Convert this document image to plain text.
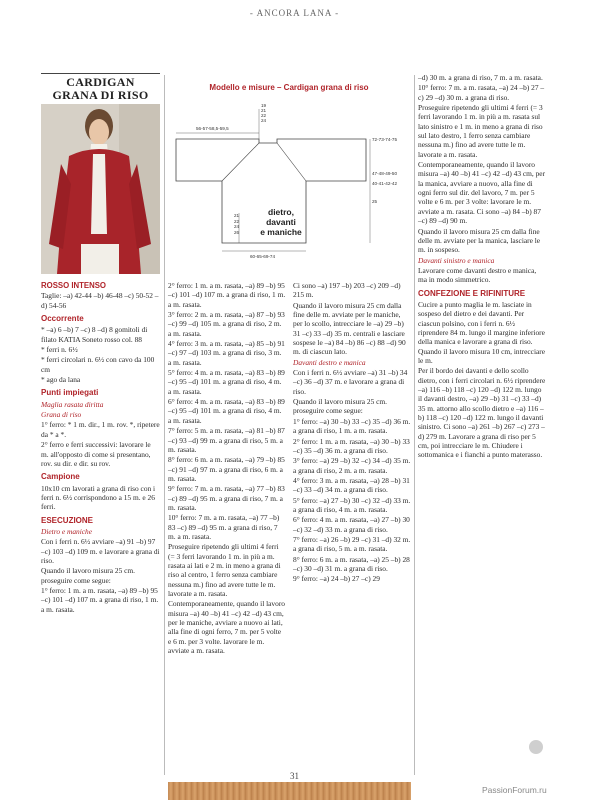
- ANCORA LANA -
CARDIGAN
GRANA DI RISO
Modello e misure – Cardigan grana di riso
19
21
22
24
56-57-58,5-59,5
72-73-74-75
47-48-49-50
40-41-42-42
25
21
22
24
26
60-65-69-74
dietro,
davanti
e maniche

ROSSO INTENSO

Taglie: –a) 42-44 –b) 46-48 –c) 50-52 –d) 54-56

Occorrente

* –a) 6 –b) 7 –c) 8 –d) 8 gomitoli di filato KATIA Soneto rosso col. 88

* ferri n. 6½

* ferri circolari n. 6½ con cavo da 100 cm

* ago da lana

Punti impiegati

Maglia rasata diritta

Grana di riso

1° ferro: * 1 m. dir., 1 m. rov. *, ripetere da * a *.

2° ferro e ferri successivi: lavorare le m. all'opposto di come si presentano, rov. su dir. e dir. su rov.

Campione

10x10 cm lavorati a grana di riso con i ferri n. 6½ corrispondono a 15 m. e 26 ferri.

ESECUZIONE

Dietro e maniche

Con i ferri n. 6½ avviare –a) 91 –b) 97 –c) 103 –d) 109 m. e lavorare a grana di riso.

Quando il lavoro misura 25 cm. proseguire come segue:

1° ferro: 1 m. a m. rasata, –a) 89 –b) 95 –c) 101 –d) 107 m. a grana di riso, 1 m. a m. rasata.

2° ferro: 1 m. a m. rasata, –a) 89 –b) 95 –c) 101 –d) 107 m. a grana di riso, 1 m. a m. rasata.

3° ferro: 2 m. a m. rasata, –a) 87 –b) 93 –c) 99 –d) 105 m. a grana di riso, 2 m. a m. rasata.

4° ferro: 3 m. a m. rasata, –a) 85 –b) 91 –c) 97 –d) 103 m. a grana di riso, 3 m. a m. rasata.

5° ferro: 4 m. a m. rasata, –a) 83 –b) 89 –c) 95 –d) 101 m. a grana di riso, 4 m. a m. rasata.

6° ferro: 4 m. a m. rasata, –a) 83 –b) 89 –c) 95 –d) 101 m. a grana di riso, 4 m. a m. rasata.

7° ferro: 5 m. a m. rasata, –a) 81 –b) 87 –c) 93 –d) 99 m. a grana di riso, 5 m. a m. rasata.

8° ferro: 6 m. a m. rasata, –a) 79 –b) 85 –c) 91 –d) 97 m. a grana di riso, 6 m. a m. rasata.

9° ferro: 7 m. a m. rasata, –a) 77 –b) 83 –c) 89 –d) 95 m. a grana di riso, 7 m. a m. rasata.

10° ferro: 7 m. a m. rasata, –a) 77 –b) 83 –c) 89 –d) 95 m. a grana di riso, 7 m. a m. rasata.

Proseguire ripetendo gli ultimi 4 ferri (= 3 ferri lavorando 1 m. in più a m. rasata ai lati e 2 m. in meno a grana di riso al centro, 1 ferro senza cambiare nessuna m.) fino ad avere tutte le m. lavorate a m. rasata.

Contemporaneamente, quando il lavoro misura –a) 40 –b) 41 –c) 42 –d) 43 cm, per le maniche, avviare a nuovo ai lati, alla fine di ogni ferro, 7 m. per 5 volte e 6 m. per 3 volte. lavorare le m. avviate a m. rasata.

Ci sono –a) 197 –b) 203 –c) 209 –d) 215 m.

Quando il lavoro misura 25 cm dalla fine delle m. avviate per le maniche, per lo scollo, intrecciare le –a) 29 –b) 31 –c) 33 –d) 35 m. centrali e lasciare sospese le –a) 84 –b) 86 –c) 88 –d) 90 m. di ciascun lato.

Davanti destro e manica

Con i ferri n. 6½ avviare –a) 31 –b) 34 –c) 36 –d) 37 m. e lavorare a grana di riso.

Quando il lavoro misura 25 cm. proseguire come segue:

1° ferro: –a) 30 –b) 33 –c) 35 –d) 36 m. a grana di riso, 1 m. a m. rasata.

2° ferro: 1 m. a m. rasata, –a) 30 –b) 33 –c) 35 –d) 36 m. a grana di riso.

3° ferro: –a) 29 –b) 32 –c) 34 –d) 35 m. a grana di riso, 2 m. a m. rasata.

4° ferro: 3 m. a m. rasata, –a) 28 –b) 31 –c) 33 –d) 34 m. a grana di riso.

5° ferro: –a) 27 –b) 30 –c) 32 –d) 33 m. a grana di riso, 4 m. a m. rasata.

6° ferro: 4 m. a m. rasata, –a) 27 –b) 30 –c) 32 –d) 33 m. a grana di riso.

7° ferro: –a) 26 –b) 29 –c) 31 –d) 32 m. a grana di riso, 5 m. a m. rasata.

8° ferro: 6 m. a m. rasata, –a) 25 –b) 28 –c) 30 –d) 31 m. a grana di riso.

9° ferro: –a) 24 –b) 27 –c) 29

–d) 30 m. a grana di riso, 7 m. a m. rasata.

10° ferro: 7 m. a m. rasata, –a) 24 –b) 27 –c) 29 –d) 30 m. a grana di riso.

Proseguire ripetendo gli ultimi 4 ferri (= 3 ferri lavorando 1 m. in più a m. rasata sul lato sinistro e 1 m. in meno a grana di riso sul lato destro, 1 ferro senza cambiare nessuna m.) fino ad avere tutte le m. lavorate a m. rasata.

Contemporaneamente, quando il lavoro misura –a) 40 –b) 41 –c) 42 –d) 43 cm, per la manica, avviare a nuovo, alla fine di ogni ferro sul dir. del lavoro, 7 m. per 5 volte e 6 m. per 3 volte: lavorare le m. avviate a m. rasata. Ci sono –a) 84 –b) 87 –c) 89 –d) 90 m.

Quando il lavoro misura 25 cm dalla fine delle m. avviate per la manica, lasciare le m. in sospeso.

Davanti sinistro e manica

Lavorare come davanti destro e manica, ma in modo simmetrico.

CONFEZIONE E RIFINITURE

Cucire a punto maglia le m. lasciate in sospeso del dietro e dei davanti. Per ciascun polsino, con i ferri n. 6½ riprendere 84 m. lungo il margine inferiore della manica e lavorare a grana di riso. Quando il lavoro misura 10 cm, intrecciare le m.

Per il bordo dei davanti e dello scollo dietro, con i ferri circolari n. 6½ riprendere –a) 116 –b) 118 –c) 120 –d) 122 m. lungo il davanti destro, –a) 29 –b) 31 –c) 33 –d) 35 m. attorno allo scollo dietro e –a) 116 –b) 118 –c) 120 –d) 122 m. lungo il davanti sinistro. Ci sono –a) 261 –b) 267 –c) 273 –d) 279 m. Lavorare a grana di riso per 5 cm, poi intrecciare le m. Chiudere i sottomanica e i fianchi a punto materasso.

31
PassionForum.ru
